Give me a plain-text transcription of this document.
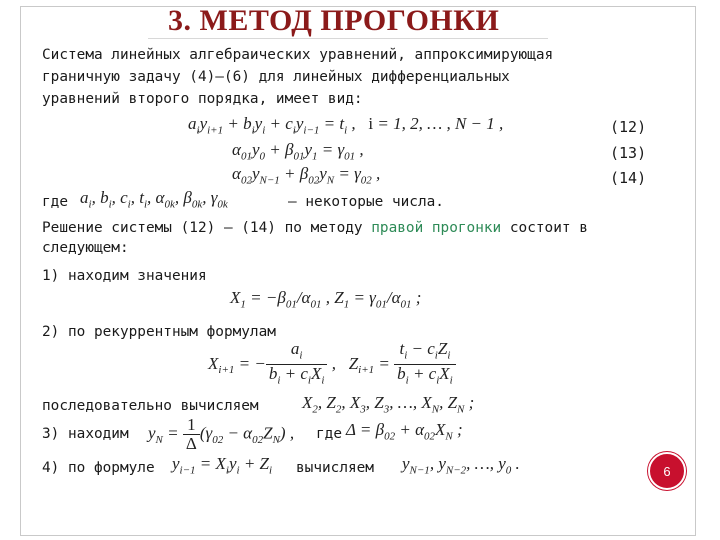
3. МЕТОД ПРОГОНКИ
Система линейных алгебраических уравнений, аппроксимирующая
граничную задачу (4)–(6) для линейных дифференциальных
уравнений второго порядка, имеет вид:
$a_iy_{i+1} + b_iy_i + c_iy_{i-1} = t_i$ ,   i = 1, 2, … , N − 1 ,	(12)
$\alpha_{01}y_0 + \beta_{01}y_1 = \gamma_{01}$ ,	(13)
$\alpha_{02}y_{N-1} + \beta_{02}y_N = \gamma_{02}$ ,	(14)
где $a_i$, $b_i$, $c_i$, $t_i$, $\alpha_{0k}$, $\beta_{0k}$, $\gamma_{0k}$	– некоторые числа.
Решение системы (12) – (14) по методу правой прогонки состоит в
следующем:
1) находим значения
$X_1 = -\beta_{01}/\alpha_{01}$ , $Z_1 = \gamma_{01}/\alpha_{01}$ ;
2) по рекуррентным формулам
$X_{i+1}$ = − $\frac{a_i}{b_i + c_iX_i}$ ,   $Z_{i+1} = \frac{t_i - c_iZ_i}{b_i + c_iX_i}$
последовательно вычисляем	$X_2$, $Z_2$, $X_3$, $Z_3$, …, $X_N$, $Z_N$ ;
3) находим $y_N = \frac{1}{\Delta} (\gamma_{02} - \alpha_{02}Z_N)$ , где $\Delta = \beta_{02} + \alpha_{02}X_N$ ;
4) по формуле $y_{i-1} = X_iy_i + Z_i$ вычисляем $y_{N-1}$, $y_{N-2}$, …, $y_0$ .	6
